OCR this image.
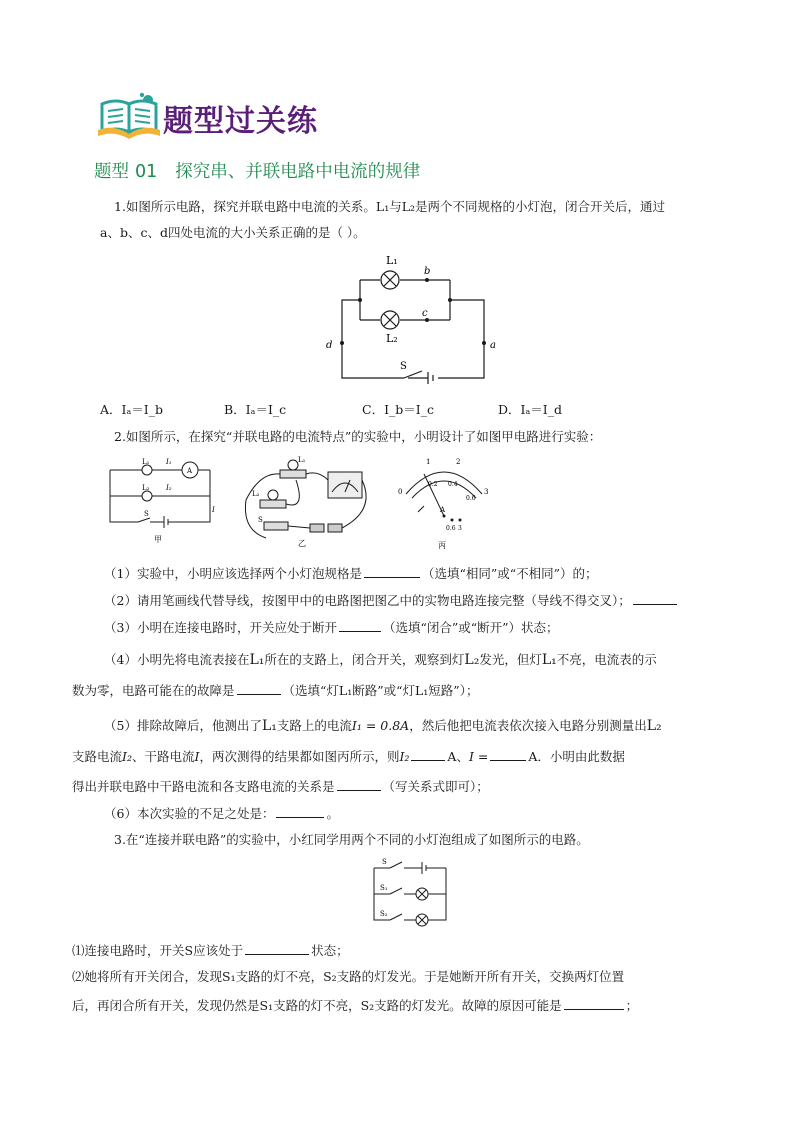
题型过关练
题型 01 探究串、并联电路中电流的规律
1.如图所示电路，探究并联电路中电流的关系。L₁与L₂是两个不同规格的小灯泡，闭合开关后，通过
a、b、c、d四处电流的大小关系正确的是（ ）。
L₁
L₂
b
c
d	a
S
A．Iₐ＝I_b	B．Iₐ＝I_c	C．I_b＝I_c	D．Iₐ＝I_d
2.如图所示，在探究“并联电路的电流特点”的实验中，小明设计了如图甲电路进行实验：
L₁ I₁
A
L₂ I₂
I
S
甲
L₁
L₂
S
乙
1	2
3
0
0.2 0.4
0.6
A
0.6 3
丙
（1）实验中，小明应该选择两个小灯泡规格是	（选填“相同”或“不相同”）的；
（2）请用笔画线代替导线，按图甲中的电路图把图乙中的实物电路连接完整（导线不得交叉）；
（3）小明在连接电路时，开关应处于断开	（选填“闭合”或“断开”）状态；
（4）小明先将电流表接在L₁所在的支路上，闭合开关，观察到灯L₂发光，但灯L₁不亮，电流表的示
数为零，电路可能在的故障是	（选填“灯L₁断路”或“灯L₁短路”）；
（5）排除故障后，他测出了L₁支路上的电流I₁ = 0.8A，然后他把电流表依次接入电路分别测量出L₂
支路电流I₂、干路电流I，两次测得的结果都如图丙所示，则I₂	A、I =	A．小明由此数据
得出并联电路中干路电流和各支路电流的关系是	（写关系式即可）；
（6）本次实验的不足之处是：	。
3.在“连接并联电路”的实验中，小红同学用两个不同的小灯泡组成了如图所示的电路。
S
S₁
S₂
⑴连接电路时，开关S应该处于	状态；
⑵她将所有开关闭合，发现S₁支路的灯不亮，S₂支路的灯发光。于是她断开所有开关，交换两灯位置
后，再闭合所有开关，发现仍然是S₁支路的灯不亮，S₂支路的灯发光。故障的原因可能是	；
